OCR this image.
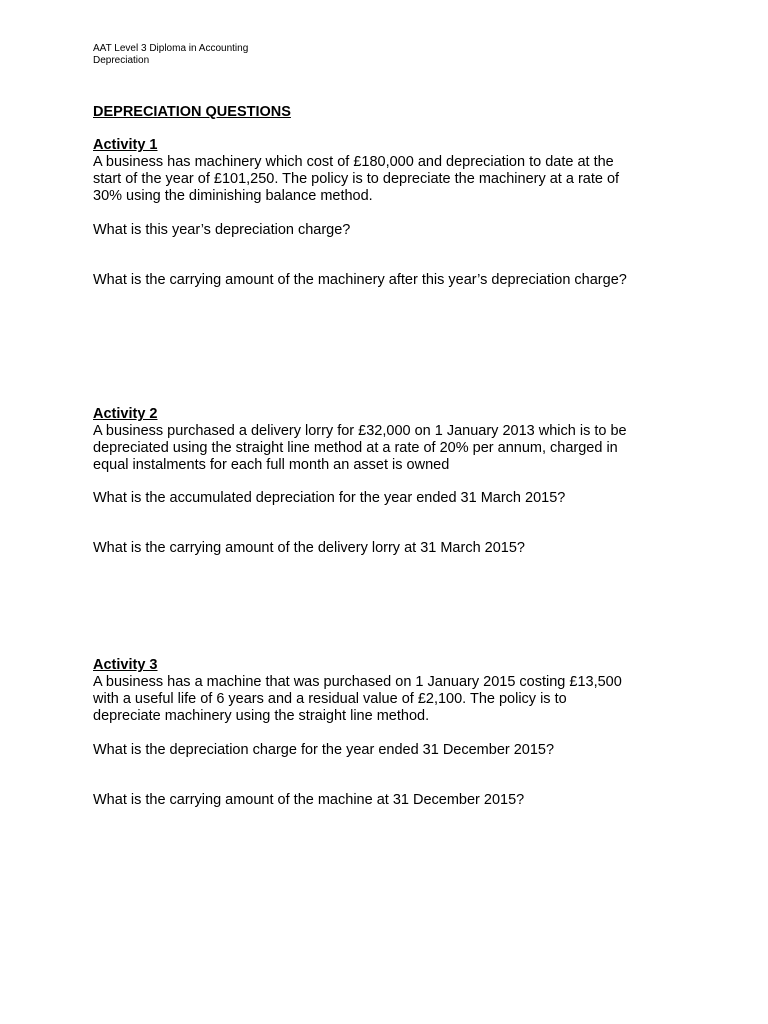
AAT Level 3 Diploma in Accounting
Depreciation
DEPRECIATION QUESTIONS
Activity 1
A business has machinery which cost of £180,000 and depreciation to date at the
start of the year of £101,250. The policy is to depreciate the machinery at a rate of
30% using the diminishing balance method.
What is this year’s depreciation charge?
What is the carrying amount of the machinery after this year’s depreciation charge?
Activity 2
A business purchased a delivery lorry for £32,000 on 1 January 2013 which is to be
depreciated using the straight line method at a rate of 20% per annum, charged in
equal instalments for each full month an asset is owned
What is the accumulated depreciation for the year ended 31 March 2015?
What is the carrying amount of the delivery lorry at 31 March 2015?
Activity 3
A business has a machine that was purchased on 1 January 2015 costing £13,500
with a useful life of 6 years and a residual value of £2,100. The policy is to
depreciate machinery using the straight line method.
What is the depreciation charge for the year ended 31 December 2015?
What is the carrying amount of the machine at 31 December 2015?
